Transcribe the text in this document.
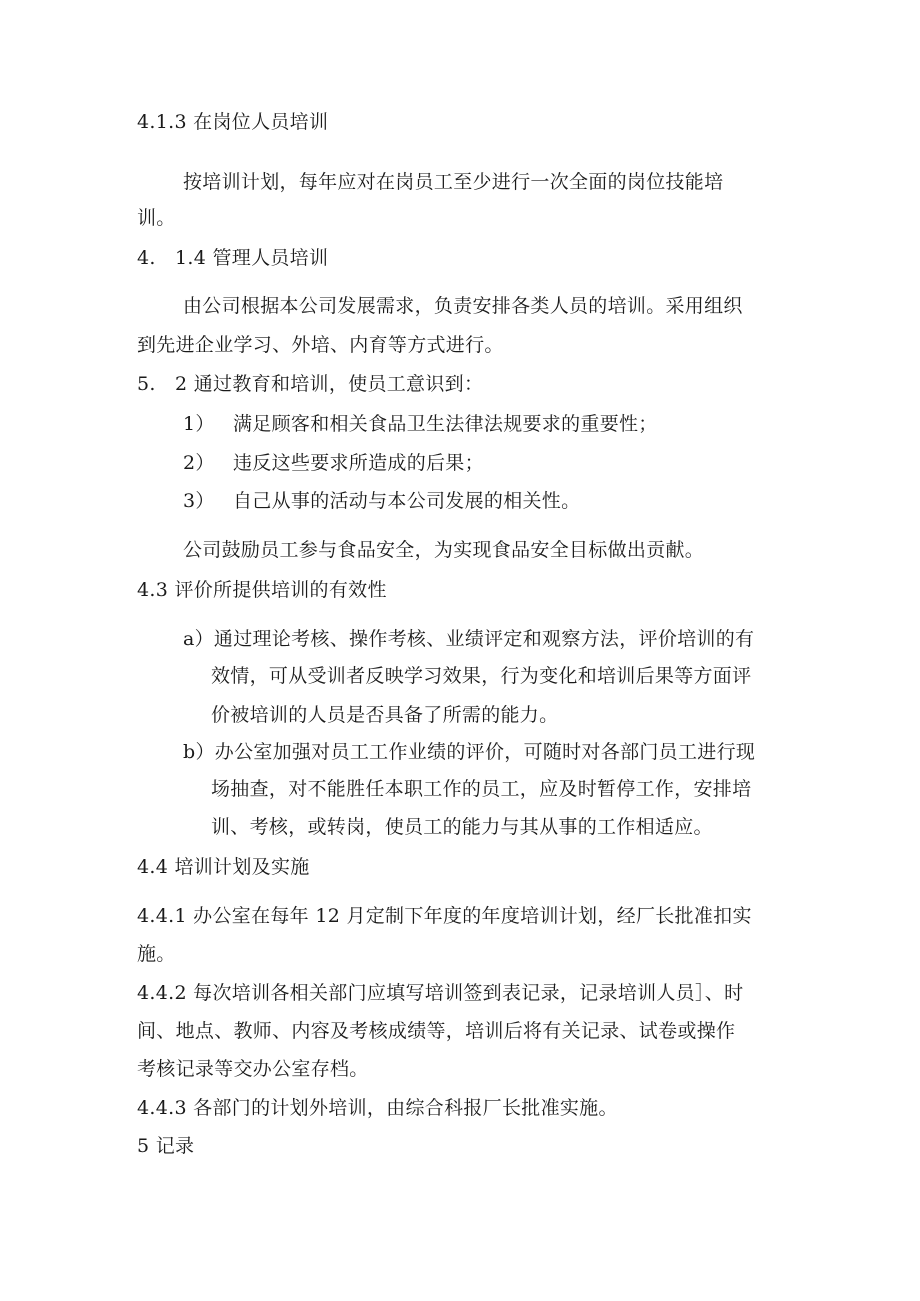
4.1.3 在岗位人员培训
按培训计划，每年应对在岗员工至少进行一次全面的岗位技能培
训。
4.　1.4 管理人员培训
由公司根据本公司发展需求，负责安排各类人员的培训。采用组织
到先进企业学习、外培、内育等方式进行。
5.　2 通过教育和培训，使员工意识到：
1） 满足顾客和相关食品卫生法律法规要求的重要性；
2） 违反这些要求所造成的后果；
3） 自己从事的活动与本公司发展的相关性。
公司鼓励员工参与食品安全，为实现食品安全目标做出贡献。
4.3 评价所提供培训的有效性
a）通过理论考核、操作考核、业绩评定和观察方法，评价培训的有
效情，可从受训者反映学习效果，行为变化和培训后果等方面评
价被培训的人员是否具备了所需的能力。
b）办公室加强对员工工作业绩的评价，可随时对各部门员工进行现
场抽查，对不能胜任本职工作的员工，应及时暂停工作，安排培
训、考核，或转岗，使员工的能力与其从事的工作相适应。
4.4 培训计划及实施
4.4.1 办公室在每年 12 月定制下年度的年度培训计划，经厂长批准扣实
施。
4.4.2 每次培训各相关部门应填写培训签到表记录，记录培训人员］、时
间、地点、教师、内容及考核成绩等，培训后将有关记录、试卷或操作
考核记录等交办公室存档。
4.4.3 各部门的计划外培训，由综合科报厂长批准实施。
5 记录
